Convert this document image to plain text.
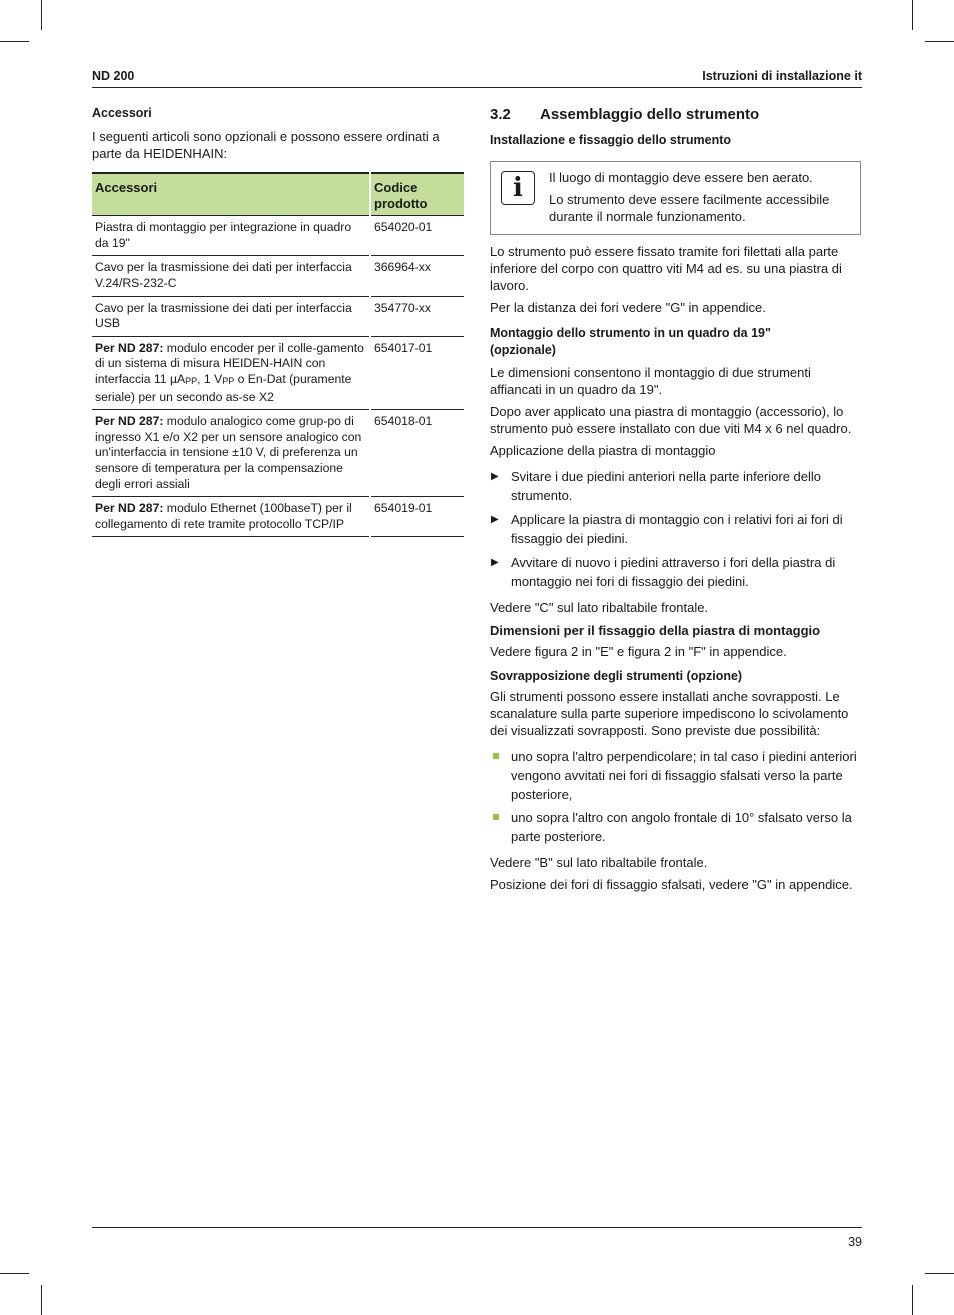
ND 200	Istruzioni di installazione it
Accessori

I seguenti articoli sono opzionali e possono essere ordinati a parte da HEIDENHAIN:

Accessori	Codice
prodotto
Piastra di montaggio per integrazione in quadro da 19"	654020-01
Cavo per la trasmissione dei dati per interfaccia V.24/RS-232-C	366964-xx
Cavo per la trasmissione dei dati per interfaccia USB	354770-xx
Per ND 287: modulo encoder per il colle-gamento di un sistema di misura HEIDEN-HAIN con interfaccia 11 µA$_{PP}$, 1 $V_{PP}$ o En-Dat (puramente seriale) per un secondo as-se X2	654017-01
Per ND 287: modulo analogico come grup-po di ingresso X1 e/o X2 per un sensore analogico con un'interfaccia in tensione ±10 V, di preferenza un sensore di temperatura per la compensazione degli errori assiali	654018-01
Per ND 287: modulo Ethernet (100baseT) per il collegamento di rete tramite protocollo TCP/IP	654019-01
3.2 Assemblaggio dello strumento
Installazione e fissaggio dello strumento
i	Il luogo di montaggio deve essere ben aerato.

Lo strumento deve essere facilmente accessibile durante il normale funzionamento.

Lo strumento può essere fissato tramite fori filettati alla parte inferiore del corpo con quattro viti M4 ad es. su una piastra di lavoro.

Per la distanza dei fori vedere "G" in appendice.

Montaggio dello strumento in un quadro da 19" (opzionale)

Le dimensioni consentono il montaggio di due strumenti affiancati in un quadro da 19".

Dopo aver applicato una piastra di montaggio (accessorio), lo strumento può essere installato con due viti M4 x 6 nel quadro.

Applicazione della piastra di montaggio

▶ Svitare i due piedini anteriori nella parte inferiore dello strumento.
▶ Applicare la piastra di montaggio con i relativi fori ai fori di fissaggio dei piedini.
▶ Avvitare di nuovo i piedini attraverso i fori della piastra di montaggio nei fori di fissaggio dei piedini.

Vedere "C" sul lato ribaltabile frontale.

Dimensioni per il fissaggio della piastra di montaggio

Vedere figura 2 in "E" e figura 2 in "F" in appendice.

Sovrapposizione degli strumenti (opzione)

Gli strumenti possono essere installati anche sovrapposti. Le scanalature sulla parte superiore impediscono lo scivolamento dei visualizzati sovrapposti. Sono previste due possibilità:

uno sopra l'altro perpendicolare; in tal caso i piedini anteriori vengono avvitati nei fori di fissaggio sfalsati verso la parte posteriore,
uno sopra l'altro con angolo frontale di 10° sfalsato verso la parte posteriore.

Vedere "B" sul lato ribaltabile frontale.

Posizione dei fori di fissaggio sfalsati, vedere "G" in appendice.

39
